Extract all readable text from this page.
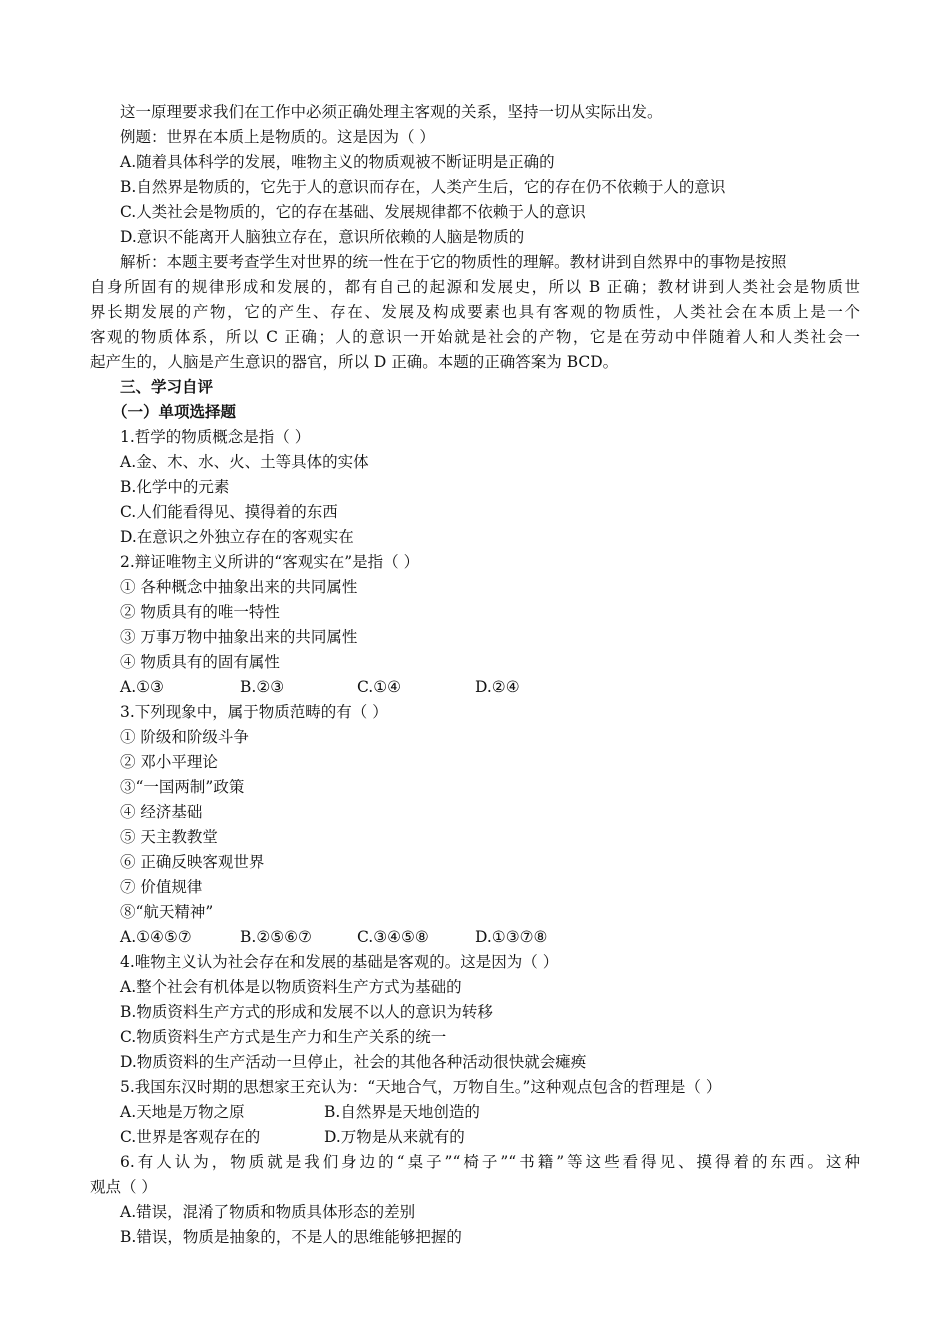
这一原理要求我们在工作中必须正确处理主客观的关系，坚持一切从实际出发。
例题：世界在本质上是物质的。这是因为（ ）
A.随着具体科学的发展，唯物主义的物质观被不断证明是正确的
B.自然界是物质的，它先于人的意识而存在，人类产生后，它的存在仍不依赖于人的意识
C.人类社会是物质的，它的存在基础、发展规律都不依赖于人的意识
D.意识不能离开人脑独立存在，意识所依赖的人脑是物质的
解析：本题主要考查学生对世界的统一性在于它的物质性的理解。教材讲到自然界中的事物是按照
自身所固有的规律形成和发展的，都有自己的起源和发展史，所以 B 正确；教材讲到人类社会是物质世
界长期发展的产物，它的产生、存在、发展及构成要素也具有客观的物质性，人类社会在本质上是一个
客观的物质体系，所以 C 正确；人的意识一开始就是社会的产物，它是在劳动中伴随着人和人类社会一
起产生的，人脑是产生意识的器官，所以 D 正确。本题的正确答案为 BCD。
三、学习自评
（一）单项选择题
1.哲学的物质概念是指（ ）
A.金、木、水、火、土等具体的实体
B.化学中的元素
C.人们能看得见、摸得着的东西
D.在意识之外独立存在的客观实在
2.辩证唯物主义所讲的“客观实在”是指（ ）
① 各种概念中抽象出来的共同属性
② 物质具有的唯一特性
③ 万事万物中抽象出来的共同属性
④ 物质具有的固有属性
A.①③	B.②③	C.①④	D.②④
3.下列现象中，属于物质范畴的有（ ）
① 阶级和阶级斗争
② 邓小平理论
③“一国两制”政策
④ 经济基础
⑤ 天主教教堂
⑥ 正确反映客观世界
⑦ 价值规律
⑧“航天精神”
A.①④⑤⑦	B.②⑤⑥⑦	C.③④⑤⑧	D.①③⑦⑧
4.唯物主义认为社会存在和发展的基础是客观的。这是因为（ ）
A.整个社会有机体是以物质资料生产方式为基础的
B.物质资料生产方式的形成和发展不以人的意识为转移
C.物质资料生产方式是生产力和生产关系的统一
D.物质资料的生产活动一旦停止，社会的其他各种活动很快就会瘫痪
5.我国东汉时期的思想家王充认为：“天地合气，万物自生。”这种观点包含的哲理是（ ）
A.天地是万物之原	B.自然界是天地创造的
C.世界是客观存在的	D.万物是从来就有的
6.有人认为，物质就是我们身边的“桌子”“椅子”“书籍”等这些看得见、摸得着的东西。这种
观点（ ）
A.错误，混淆了物质和物质具体形态的差别
B.错误，物质是抽象的，不是人的思维能够把握的
